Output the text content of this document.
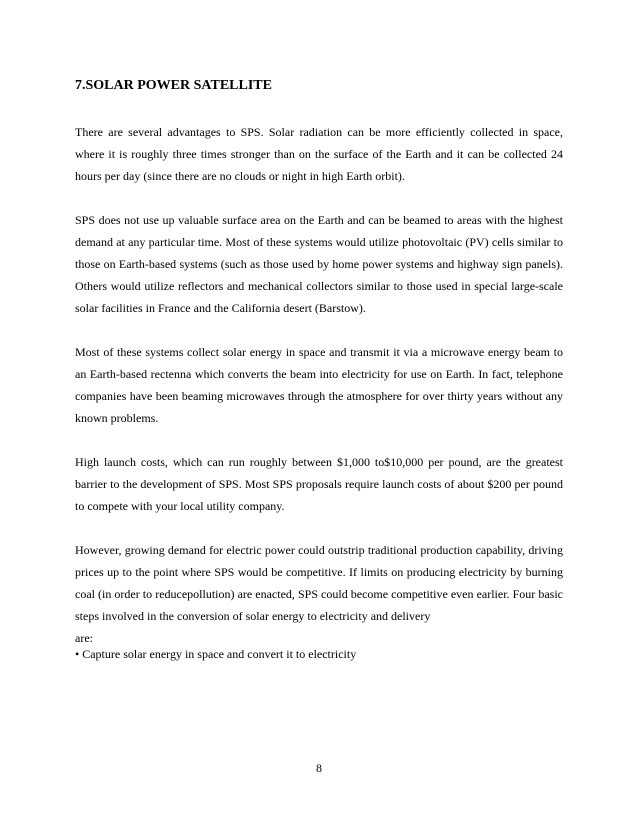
7.SOLAR POWER SATELLITE

There are several advantages to SPS. Solar radiation can be more efficiently collected in space, where it is roughly three times stronger than on the surface of the Earth and it can be collected 24 hours per day (since there are no clouds or night in high Earth orbit).

SPS does not use up valuable surface area on the Earth and can be beamed to areas with the highest demand at any particular time. Most of these systems would utilize photovoltaic (PV) cells similar to those on Earth-based systems (such as those used by home power systems and highway sign panels). Others would utilize reflectors and mechanical collectors similar to those used in special large-scale solar facilities in France and the California desert (Barstow).

Most of these systems collect solar energy in space and transmit it via a microwave energy beam to an Earth-based rectenna which converts the beam into electricity for use on Earth. In fact, telephone companies have been beaming microwaves through the atmosphere for over thirty years without any known problems.

High launch costs, which can run roughly between $1,000 to$10,000 per pound, are the greatest barrier to the development of SPS. Most SPS proposals require launch costs of about $200 per pound to compete with your local utility company.

However, growing demand for electric power could outstrip traditional production capability, driving prices up to the point where SPS would be competitive. If limits on producing electricity by burning coal (in order to reducepollution) are enacted, SPS could become competitive even earlier. Four basic steps involved in the conversion of solar energy to electricity and delivery

are:

• Capture solar energy in space and convert it to electricity

8
